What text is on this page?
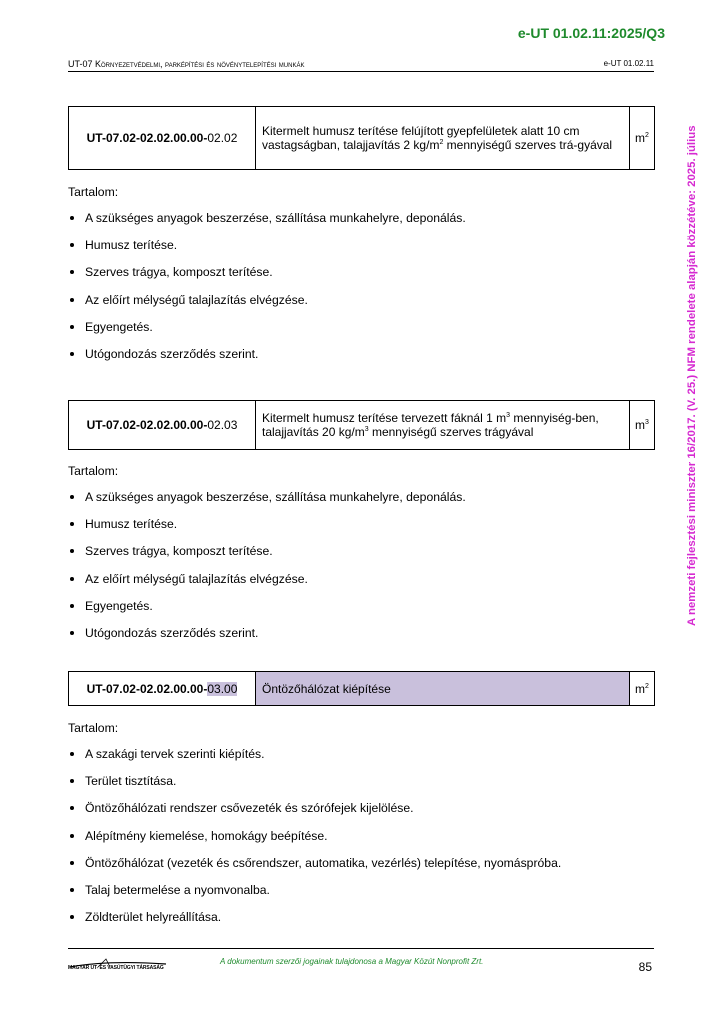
e-UT 01.02.11:2025/Q3
UT-07 Környezetvédelmi, parképítési és növénytelepítési munkák	e-UT 01.02.11
A nemzeti fejlesztési miniszter 16/2017. (V. 25.) NFM rendelete alapján közzétéve: 2025. július
UT-07.02-02.02.00.00-02.02	Kitermelt humusz terítése felújított gyepfelületek alatt 10 cm vastagságban, talajjavítás 2 $kg/m^2$ mennyiségű szerves trá-gyával	$m^2$
Tartalom:
A szükséges anyagok beszerzése, szállítása munkahelyre, deponálás.
Humusz terítése.
Szerves trágya, komposzt terítése.
Az előírt mélységű talajlazítás elvégzése.
Egyengetés.
Utógondozás szerződés szerint.
UT-07.02-02.02.00.00-02.03	Kitermelt humusz terítése tervezett fáknál 1 $m^3$ mennyiség-ben, talajjavítás 20 $kg/m^3$ mennyiségű szerves trágyával	$m^3$
Tartalom:
A szükséges anyagok beszerzése, szállítása munkahelyre, deponálás.
Humusz terítése.
Szerves trágya, komposzt terítése.
Az előírt mélységű talajlazítás elvégzése.
Egyengetés.
Utógondozás szerződés szerint.
UT-07.02-02.02.00.00-03.00	Öntözőhálózat kiépítése	$m^2$
Tartalom:
A szakági tervek szerinti kiépítés.
Terület tisztítása.
Öntözőhálózati rendszer csővezeték és szórófejek kijelölése.
Alépítmény kiemelése, homokágy beépítése.
Öntözőhálózat (vezeték és csőrendszer, automatika, vezérlés) telepítése, nyomáspróba.
Talaj betermelése a nyomvonalba.
Zöldterület helyreállítása.
MAGYAR ÚT- ÉS VASÚTÜGYI TÁRSASÁG
A dokumentum szerzői jogainak tulajdonosa a Magyar Közút Nonprofit Zrt.	85
